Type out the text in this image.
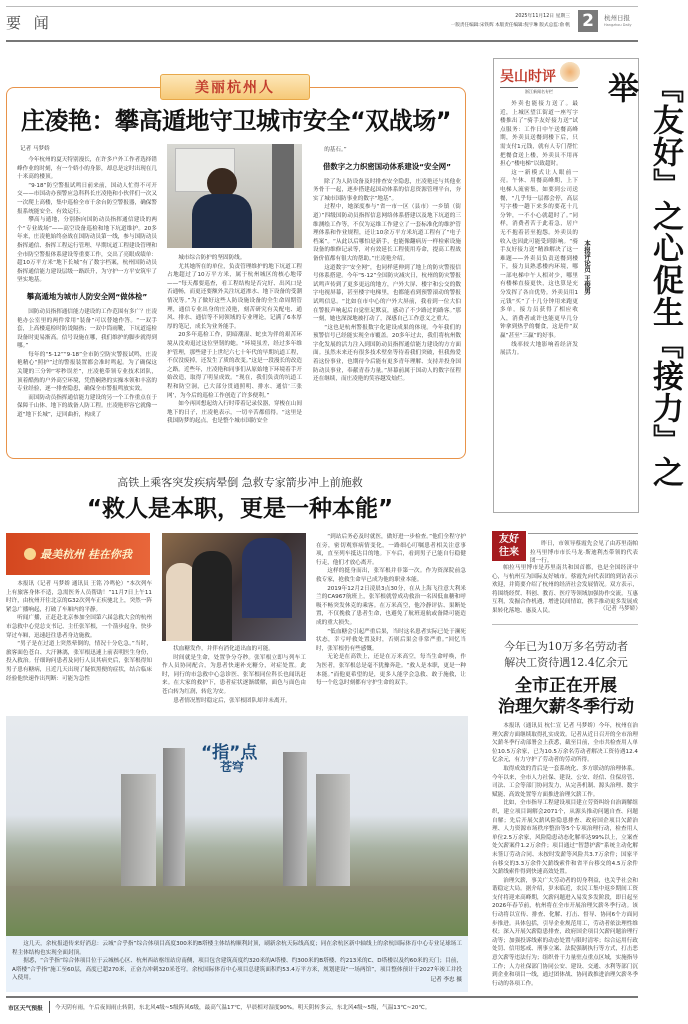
要 闻	2025年11月12日 星期三
一版责任编辑:宋铁辉 本版责任编辑:倪宇琳 版式总监:俞 帆 2	杭州日报
Hangzhou Daily
美丽杭州人
庄凌艳：攀高遁地守卫城市安全“双战场”
记者 马梦娇

今年杭州的夏天特别漫长，在许多户外工作者选择错峰作业的时刻，有一个娇小的身影，却总是定时出现在几十米高的楼顶。

“9·18”防空警报试鸣日前来前，国动人忙得不可开交——市国动办预警应急科科长庄凌艳和小伙伴们一次又一次爬上高楼，集中巡检全市千余台防空警报器，确保警报系统能安全、有效运行。

攀高与遁地，分别指向国防动员指挥通信建设的两个“专业战场”——高空设备巡检和地下坑道维护。20多年来，庄凌艳始终奋战在国防动员第一线，参与国防动员指挥通信、指挥工程运行管理、早期坑道工程建设管理和全市防空警报体系建设等重要工作，交出了亮眼成绩单：超10万平方米“地下长城”有了数字档案，杭州国防动员指挥通信能力建设层级一路跃升，为守护一方平安筑牢了坚实地基。

攀高遁地为城市人防安全网“做体检”

国防动员指挥通信能力建设的工作范围有多广？庄凌艳办公室里的两件常用“装备”可以替她作答。“一双手套，上高楼巡检时防烫隔热；一双中筒雨靴，下坑道巡检设备时更易渐高。信号设施在哪，我们维护的脚步就得到哪。”

每年的“5·12”“9·18”全市防空防灾警报试鸣，庄凌艳精心“照护”过的警报装置都会准时鸣起。为了确保这关键的三分钟“零秒误差”，庄凌艳带领专业技术团队，顶着酷热的户外高空环境，凭借娴熟的实操本领和丰富的专业经验，逐一排查隐患，确保全市警报鸣放实效。

而国防动员指挥通信能力建设的另一个工作重点在于保障千山体、地下的战备人防工程。庄凌艳形容它就像一道“地下长城”，迂回曲折，构成了

城市综合防护的坚固防线。

尤其她所在的单位，负责管理维护的地下坑道工程占地超过了10万平方米，属于杭州城区的核心地带——“每天都要巡查，看工程结构是否完好、出风口是否通畅，而更还要额外关注坑道渗水、地下设备的受潮情况等。”为了做好这些人防设施设备的全生命周期管理，通信专业出身的庄凌艳，刻苦研究有关配电、通风、排水、通信等不同领域的专业理论，记满了6本厚厚的笔记，成长为业务能手。

20多年巡检工作，阴暗潮湿、蛇虫为伴的艰苦环境从没劝退过这位坚韧的她。“环境虽差，经过多年维护管理，那些建于上世纪六七十年代的早期坑道工程，不仅没废掉，还发生了质的改变。”这是一段漫长的改造之路。近些年，庄凌艳和同事们从原始地下环境着手开始改造，取得了明显成效。“现在，我们负责的坑道工程和防空洞，已大部分贯通照明、排水、通信‘三张网’，为今后的巡检工作创造了许多便利。”

如今再回想起幼入行时带着记录仪器，穿梭在山间地下的日子，庄凌艳表示，一切辛苦都值得。“这里是我国防梦的起点，也是整个城市国防安全

的基石。”

借数字之力织密国动体系建设“安全网”

除了为人防设备及时排查安全隐患，庄凌艳还与其他业务骨干一起，逐步搭建起国动体系的信息资源管理平台，夯实了城市国防事业的数字“地基”。

过程中，她深度参与“省一市一区（县市）一乡镇（街道）”四级国防动员指挥信息网络体系搭建以及地下坑道的三维测绘工作等，不仅为运维工作建立了一套标准化的维护管理体系和作业规程，还让10余万平方米坑道工程有了“电子档案”。“从此以后哪怕是新手，也能像翻病历一样检索设施设备的维修记录等，对有效延长工程使用寿命，提高工程战备价值都有很大的帮助。”庄凌艳介绍。

这道数字“安全网”，也同样延伸到了地上的防灾警报信号体系搭建。今年“5·12”全国防灾减灾日，杭州的防灾警报试鸣声传到了更多更远的地方，户外大屏、楼宇和公交的数字电视屏幕，甚至楼宇电梯里，也都能看到预警滚动的警报试鸣信息。“比如在市中心的户外大屏前，我看到一位大伯在警报声响起后自觉驻足默哀，感动了不少路过的路客。”那一刻，她也深深地被打动了，深感自己工作意义之重大。

“这也是杭州警报数字化建设成果的体现。今年我们的预警信号已经能实现全市覆盖。20多年过去，我们将杭州数字化发展的活力注入到国防动员指挥通信能力建设的方方面面。虽然未来还有很多技术壁垒等待着我们突破，但我热爱着这份事业，也期待今后能有更多青年理解、支持并投身国防动员事业，奉献青春力量。”屏幕前属于国动人的数字征程还在继续，而庄凌艳的笑容越发灿烂。

吴山时评
浙江新闻名专栏

外卖也能接力送了。最近，上城区望江街道一座写字楼推出了“骑手友好接力送”试点服务：工作日中午送餐高峰期，外卖员送餐到楼下后，只需支付1元钱，就有人专门帮忙把餐食送上楼，外卖员不用再担心“楼电梯”以致超时。

这一新模式让人眼前一亮。午休、用餐高峰期，上下电梯人流密集，如要到公司送餐，“几乎每一层都会停，高层写字楼一趟下来多的要花十几分钟，一不小心就超时了。”同样，消费者苦于此着急，居户无不抱着甚至抱怨。外卖员的收入也因此可能受到影响。“骑手友好接力送”精准解决了这一难题——外卖员负责送餐到楼下，接力员熟悉楼内环境，哪一部电梯中午人相对少，哪里有楼梯直接更快，这也算是充分发挥了各自优势。外卖员用1元钱“买”了十几分钟用来跑更多单，接力员获得了相应收入，消费者或许也能更早几分钟拿到热乎的餐食，这是件“双赢”甚至“三赢”的好事。

线率较大地影响着经济发展活力。

本报评论员 王俊男	『友好』之心促生『接力』之举
高铁上乘客突发疾病晕倒 急救专家箭步冲上前施救
“救人是本职，更是一种本能”
最美杭州 桂在你我

本报讯（记者 马梦娇 通讯员 王铭 冷鸣伦）“本次列车上有旅客身体不适，急需医务人员帮助！”11月7日上午11时许，由杭州开往北京的G32次列车正疾驰北上，突然一阵紧急广播响起，打破了车厢内的平静。

听闻广播，正赶赴北京参加全国第六届急救大会的杭州市急救中心党总支书记、主任张军根，一个箭步起身，快步穿过车厢，迅速赶往患者身边施救。

“男子是在过道上突然晕倒的，情况十分危急。”当时，旅客面色苍白、大汗淋漓，张军根迅速上前表明医生身份，投入救治。仔细询问患者及同行人员其病史后，张军根得知男子患有糖病，且近几天出现了疑似黑便的症状，结合临床经验他快速作出判断：可能为急性

状血糖发作，并伴有消化道出血的可能。

时间就是生命，处置争分夺秒。张军根立即与列车工作人员协同配合，为患者快速补充糖分，对症处置。此时，同行的市急救中心急诊医、张军根同位科长也闻讯赶来。在大家的救护下，患者症状逐渐缓解，面色与面色由苍白转为红润，转危为安。

患者情况暂时稳定后，张军根团队却并未离开。

“到站后务必及时就医，做好进一步检查。”他们全程守护在旁，密切观察病情变化，一路细心叮嘱患者相关注意事项，直至列车抵达目的地。下车后，看到男子已能自行稳健行走，他们才放心离开。

这样的挺身而出，张军根并非第一次。作为资深院前急救专家，抢救生命早已成为他的职业本能。

2019年12月2日凌晨3点30分，在从上海飞往意大利米兰的CA967航班上，张军根就曾成功救治一名因低血糖和呼吸不畅突发休克的乘客。在万米高空，他冷静评估、果断处置，不仅挽救了患者生命，也避免了航班返航或备降可能造成的重大损失。

“低血糖会引起严重后果，当时这名患者实际已处于濒死状态，幸亏呼救处置及时，否则后果会非常严重。”回忆当时，张军根仍有些感慨。

无论是在高铁上，还是在万米高空，每当生命呼唤，作为医者，张军根总是毫不犹豫奔赴。“救人是本职，更是一种本能。”而他更希望的是，更多人能学会急救、敢于施救，让每一个危急时刻都有守护生命的双手。

“指”点
苍穹

这几天，余杭报道传来好消息：云城“合乎指”综合体项目高度300米的B塔楼主体结构顺利封顶，刷新余杭天际线高度；同在余杭区新中轴线上的余杭国际体育中心专业足球场工程主体结构也实现全面封顶。

据悉，“合乎指”综合体项目位于云城核心区、杭州西站枢纽站房南侧，项目包含建筑高度约320米的A塔楼、约300米的B塔楼、约213米的C、D塔楼以及约60米的天门；目前，A塔楼“合乎指”施工至60层，高度已超270米，正奋力冲刺320米苍穹。余杭国际体育中心项目总建筑面积约53.4万平方米，规划建设“一场两馆”，项目整体预计于2027年竣工并投入使用。	记者 李忠 摄
友好
往来

昨日，市领导蔡霞先会见了由苏里南帕拉马里博市市长马龙·斯迪利杰带领的代表团一行。

帕拉马里博市是苏里南共和国首都，也是全国经济中心，与杭州互为国际友好城市。蔡霞先向代表团的到访表示欢迎，并简要介绍了杭州的经济社会发展情况。双方表示，将围绕经贸、科创、教育、医疗等领域加强协作交流，互惠互利，发掘合作机遇，增进民间情谊，携手推动更多发展成果转化落地、惠及人民。	（记者 马梦娇）
今年已为10万多名劳动者
解决工资待遇12.4亿余元
全市正在开展
治理欠薪冬季行动

本报讯（通讯员 杭仁宣 记者 马梦娇）今年，杭州在治理欠薪方面继续取得扎实成效。记者从近日召开的全市治理欠薪冬季行动部署会上获悉，截至目前，全市共检查用人单位10.5万余家，已为10.5万余名劳动者解决工资待遇12.4亿余元，有力守护了劳动者的劳动所得。

取得成效的背后是一套系统化、多方联动的治理体系。今年以来，全市人力社保、建设、公安、经信、住保房管、司法、工会等部门协同发力，从完善机制、源头治理、数字赋能、高效处置等方面推进治理欠薪工作。

比如，全市指导工程建设项目建立劳资纠纷自治调解组织，建立项目调解会2071个，从源头推动问题自查、问题自解；先后开展欠薪风险隐患排查、政府国企项目欠薪治理、人力资源市场秩序整治等5个专项治理行动，检查用人单位2.5万余家，风险隐患动态化解率达99%以上，立案查处欠薪案件1.2万余件；项目通过“智慧护薪”系统主动化解未签订劳动合同、未按时发薪等风险共3.7万余件；国家平台移交的3.3万余件欠薪线索件和省平台移交的4.5万余件欠薪线索件得到快速高效处置。

治理欠薪，事关广大劳动者的切身利益，也关乎社会和谐稳定大局。据介绍，岁末临近，农民工集中返乡期间工资支付将迎来高峰期，欠薪问题进入易发多发阶段，即日起至2026年春节前，杭州将在全市开展治理欠薪冬季行动。该行动将以宣传、排查、化解、打击、督导、协同6个方面同步推进。具体包括，引导企业规范用工，劳动者依法理性维权；深入开展欠薪隐患排查，政府国企项目欠薪问题治理行动等；加强投诉线索的动态处置与限时清零；综合运用行政处罚、信用惩戒、刑事立案、法院强制执行等方式，打击恶意欠薪等违法行为；组织骨干力量驻点重点区域，实施指导工作；人力社保部门协同公安、建设、交通、水利等部门沉到企业和项目一线，通过团体战、协同战推进治理欠薪冬季行动的各项工作。

市区天气预报 今天阴有雨，午后夜间雨止转阴，东北风4级~5级阵风6级，最高气温17℃，早晨相对湿度90%。明天阴转多云，东北风4级~5级，气温13℃~20℃。
